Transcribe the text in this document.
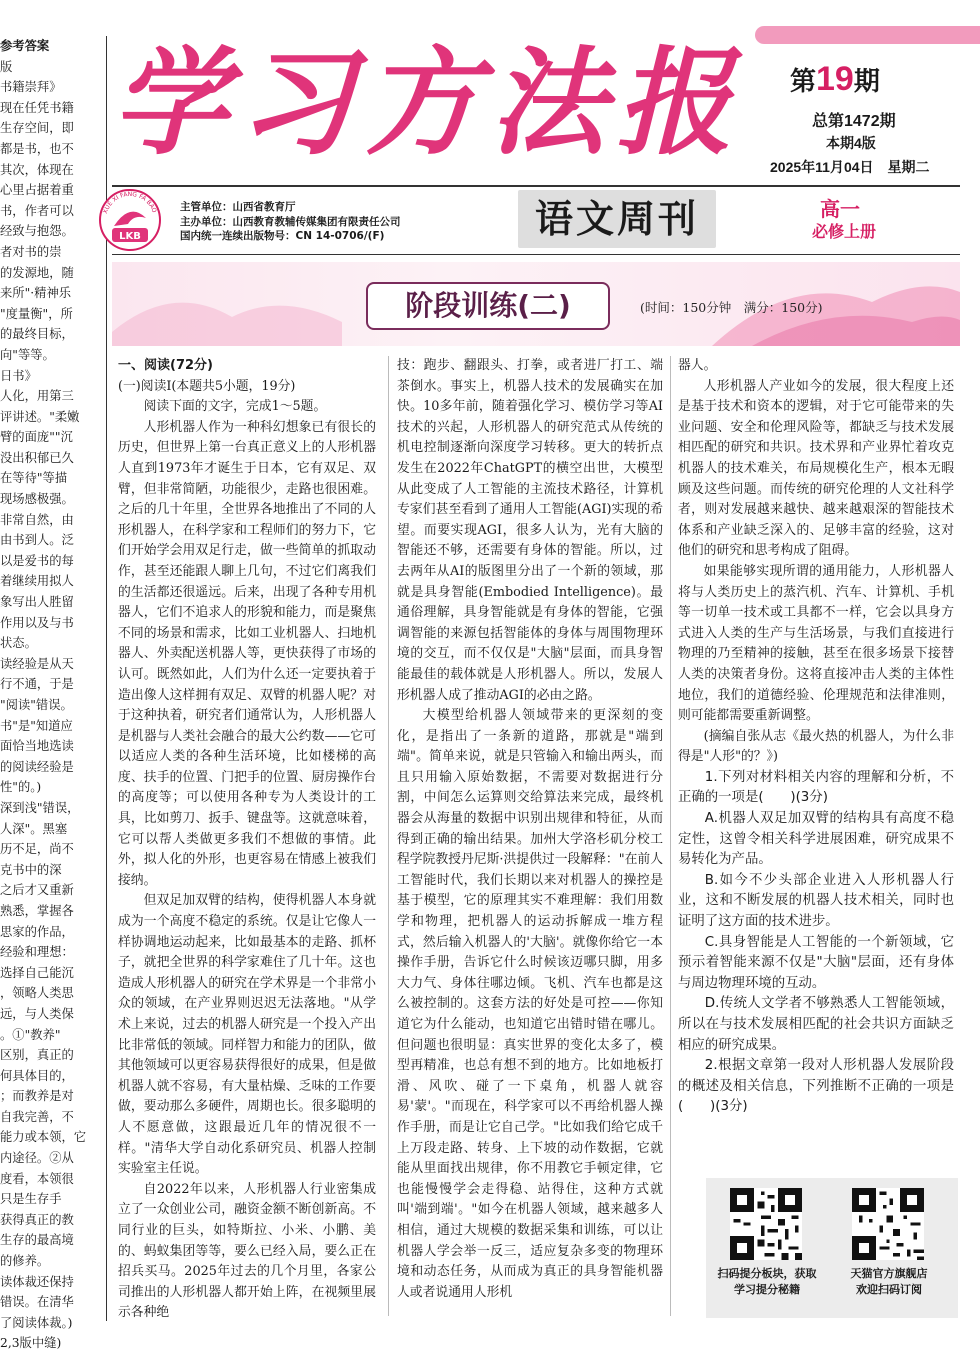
参考答案
版
书籍崇拜》
现在任凭书籍
生存空间，即
都是书，也不
其次，体现在
心里占据着重
书，作者可以
经致与抱怨。
者对书的崇
的发源地，随
来所"·精神乐
"度量衡"，所
的最终目标，
向"等等。
日书》
人化，用第三
评讲述。"柔嫩
臂的面庞""沉
没出积郁已久
在等待"等描
现场感极强。
非常自然，由
由书到人。泛
以是爱书的每
着继续用拟人
象写出人胜留
作用以及与书
状态。
读经验是从天
行不通，于是
"阅读"错误。
书"是"知道应
面恰当地选读
的阅读经验是
性"的。)
深到浅"错误，
人深"。黑塞
历不足，尚不
克书中的深
之后才又重新
熟悉，掌握各
思家的作品，
经验和理想：
选择自己能沉
，领略人类思
远，与人类保
。①"教养"
区别，真正的
何具体目的，
；而教养是对
自我完善，不
能力或本领，它
内途径。②从
度看，本领很
只是生存手
获得真正的教
生存的最高境
的修养。
读体裁还保持
错误。在清华
了阅读体裁。)
2,3版中缝)
学习方法报	第19期
总第1472期
本期4版
2025年11月04日　星期二
XUE XI FANG FA BAO
LKB
主管单位：山西省教育厅
主办单位：山西教育教辅传媒集团有限责任公司
国内统一连续出版物号：CN 14-0706/(F)	语文周刊	高一
必修上册
阶段训练(二)	(时间：150分钟　满分：150分)
一、阅读(72分)

(一)阅读Ⅰ(本题共5小题，19分)

阅读下面的文字，完成1～5题。

人形机器人作为一种科幻想象已有很长的历史，但世界上第一台真正意义上的人形机器人直到1973年才诞生于日本，它有双足、双臂，但非常简陋，功能很少，走路也很困难。之后的几十年里，全世界各地推出了不同的人形机器人，在科学家和工程师们的努力下，它们开始学会用双足行走，做一些简单的抓取动作，甚至还能跟人聊上几句，不过它们离我们的生活都还很遥远。后来，出现了各种专用机器人，它们不追求人的形貌和能力，而是聚焦不同的场景和需求，比如工业机器人、扫地机器人、外卖配送机器人等，更快获得了市场的认可。既然如此，人们为什么还一定要执着于造出像人这样拥有双足、双臂的机器人呢？对于这种执着，研究者们通常认为，人形机器人是机器与人类社会融合的最大公约数——它可以适应人类的各种生活环境，比如楼梯的高度、扶手的位置、门把手的位置、厨房操作台的高度等；可以使用各种专为人类设计的工具，比如剪刀、扳手、键盘等。这就意味着，它可以帮人类做更多我们不想做的事情。此外，拟人化的外形，也更容易在情感上被我们接纳。

但双足加双臂的结构，使得机器人本身就成为一个高度不稳定的系统。仅是让它像人一样协调地运动起来，比如最基本的走路、抓杯子，就把全世界的科学家难住了几十年。这也造成人形机器人的研究在学术界是一个非常小众的领域，在产业界则迟迟无法落地。"从学术上来说，过去的机器人研究是一个投入产出比非常低的领域。同样智力和能力的团队，做其他领域可以更容易获得很好的成果，但是做机器人就不容易，有大量枯燥、乏味的工作要做，要动那么多硬件，周期也长。很多聪明的人不愿意做，这跟最近几年的情况很不一样。"清华大学自动化系研究员、机器人控制实验室主任说。

自2022年以来，人形机器人行业密集成立了一众创业公司，融资金额不断创新高。不同行业的巨头，如特斯拉、小米、小鹏、美的、蚂蚁集团等等，要么已经入局，要么正在招兵买马。2025年过去的几个月里，各家公司推出的人形机器人都开始上阵，在视频里展示各种绝

技：跑步、翻跟头、打拳，或者进厂打工、端茶倒水。事实上，机器人技术的发展确实在加快。10多年前，随着强化学习、模仿学习等AI技术的兴起，人形机器人的研究范式从传统的机电控制逐渐向深度学习转移。更大的转折点发生在2022年ChatGPT的横空出世，大模型从此变成了人工智能的主流技术路径，计算机专家们甚至看到了通用人工智能(AGI)实现的希望。而要实现AGI，很多人认为，光有大脑的智能还不够，还需要有身体的智能。所以，过去两年从AI的版图里分出了一个新的领域，那就是具身智能(Embodied Intelligence)。最通俗理解，具身智能就是有身体的智能，它强调智能的来源包括智能体的身体与周围物理环境的交互，而不仅仅是"大脑"层面，而具身智能最佳的载体就是人形机器人。所以，发展人形机器人成了推动AGI的必由之路。

大模型给机器人领域带来的更深刻的变化，是指出了一条新的道路，那就是"端到端"。简单来说，就是只管输入和输出两头，而且只用输入原始数据，不需要对数据进行分割，中间怎么运算则交给算法来完成，最终机器会从海量的数据中识别出规律和特征，从而得到正确的输出结果。加州大学洛杉矶分校工程学院教授丹尼斯·洪提供过一段解释："在前人工智能时代，我们长期以来对机器人的操控是基于模型，它的原理其实不难理解：我们用数学和物理，把机器人的运动拆解成一堆方程式，然后输入机器人的'大脑'。就像你给它一本操作手册，告诉它什么时候该迈哪只脚，用多大力气、身体往哪边倾。飞机、汽车也都是这么被控制的。这套方法的好处是可控——你知道它为什么能动，也知道它出错时错在哪儿。但问题也很明显：真实世界的变化太多了，模型再精准，也总有想不到的地方。比如地板打滑、风吹、碰了一下桌角，机器人就容易'蒙'。"而现在，科学家可以不再给机器人操作手册，而是让它自己学。"比如我们给它成千上万段走路、转身、上下坡的动作数据，它就能从里面找出规律，你不用教它手顿定律，它也能慢慢学会走得稳、站得住，这种方式就叫'端到端'。"如今在机器人领域，越来越多人相信，通过大规模的数据采集和训练，可以让机器人学会举一反三，适应复杂多变的物理环境和动态任务，从而成为真正的具身智能机器人或者说通用人形机

器人。

人形机器人产业如今的发展，很大程度上还是基于技术和资本的逻辑，对于它可能带来的失业问题、安全和伦理风险等，都缺乏与技术发展相匹配的研究和共识。技术界和产业界忙着攻克机器人的技术难关，布局规模化生产，根本无暇顾及这些问题。而传统的研究伦理的人文社科学者，则对发展越来越快、越来越艰深的智能技术体系和产业缺乏深入的、足够丰富的经验，这对他们的研究和思考构成了阻碍。

如果能够实现所谓的通用能力，人形机器人将与人类历史上的蒸汽机、汽车、计算机、手机等一切单一技术或工具都不一样，它会以具身方式进入人类的生产与生活场景，与我们直接进行物理的乃至精神的接触，甚至在很多场景下接替人类的决策者身份。这将直接冲击人类的主体性地位，我们的道德经验、伦理规范和法律准则，则可能都需要重新调整。

(摘编自张从志《最火热的机器人，为什么非得是"人形"的？》)

1.下列对材料相关内容的理解和分析，不正确的一项是(　　)(3分)

A.机器人双足加双臂的结构具有高度不稳定性，这曾令相关科学进展困难，研究成果不易转化为产品。

B.如今不少头部企业进入人形机器人行业，这和不断发展的机器人技术相关，同时也证明了这方面的技术进步。

C.具身智能是人工智能的一个新领域，它预示着智能来源不仅是"大脑"层面，还有身体与周边物理环境的互动。

D.传统人文学者不够熟悉人工智能领域，所以在与技术发展相匹配的社会共识方面缺乏相应的研究成果。

2.根据文章第一段对人形机器人发展阶段的概述及相关信息，下列推断不正确的一项是(　　)(3分)

扫码提分板块，获取
学习提分秘籍
天猫官方旗舰店
欢迎扫码订阅
